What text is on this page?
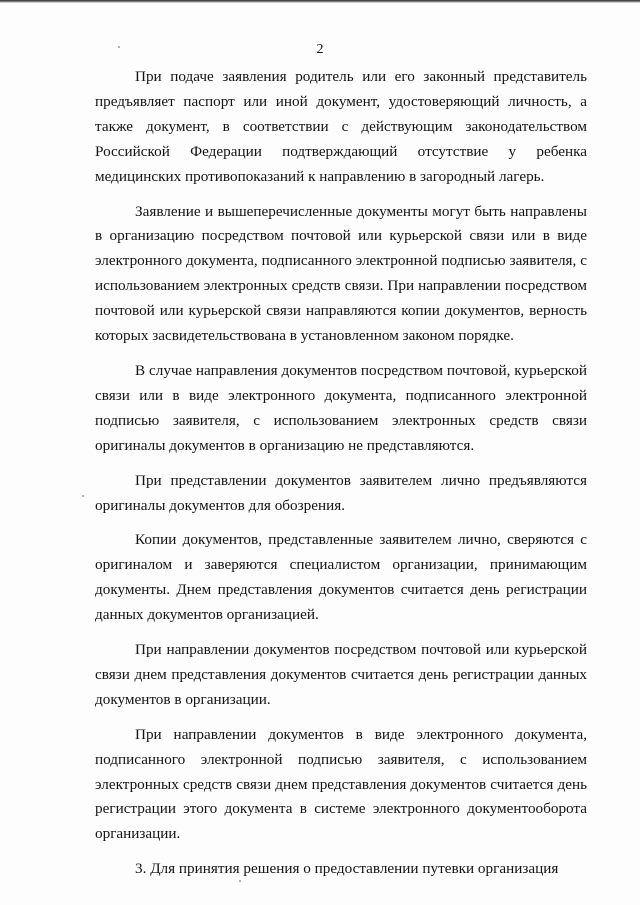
2

При подаче заявления родитель или его законный представитель предъявляет паспорт или иной документ, удостоверяющий личность, а также документ, в соответствии с действующим законодательством Российской Федерации подтверждающий отсутствие у ребенка медицинских противопоказаний к направлению в загородный лагерь.

Заявление и вышеперечисленные документы могут быть направлены в организацию посредством почтовой или курьерской связи или в виде электронного документа, подписанного электронной подписью заявителя, с использованием электронных средств связи. При направлении посредством почтовой или курьерской связи направляются копии документов, верность которых засвидетельствована в установленном законом порядке.

В случае направления документов посредством почтовой, курьерской связи или в виде электронного документа, подписанного электронной подписью заявителя, с использованием электронных средств связи оригиналы документов в организацию не представляются.

При представлении документов заявителем лично предъявляются оригиналы документов для обозрения.

Копии документов, представленные заявителем лично, сверяются с оригиналом и заверяются специалистом организации, принимающим документы. Днем представления документов считается день регистрации данных документов организацией.

При направлении документов посредством почтовой или курьерской связи днем представления документов считается день регистрации данных документов в организации.

При направлении документов в виде электронного документа, подписанного электронной подписью заявителя, с использованием электронных средств связи днем представления документов считается день регистрации этого документа в системе электронного документооборота организации.

3. Для принятия решения о предоставлении путевки организация
